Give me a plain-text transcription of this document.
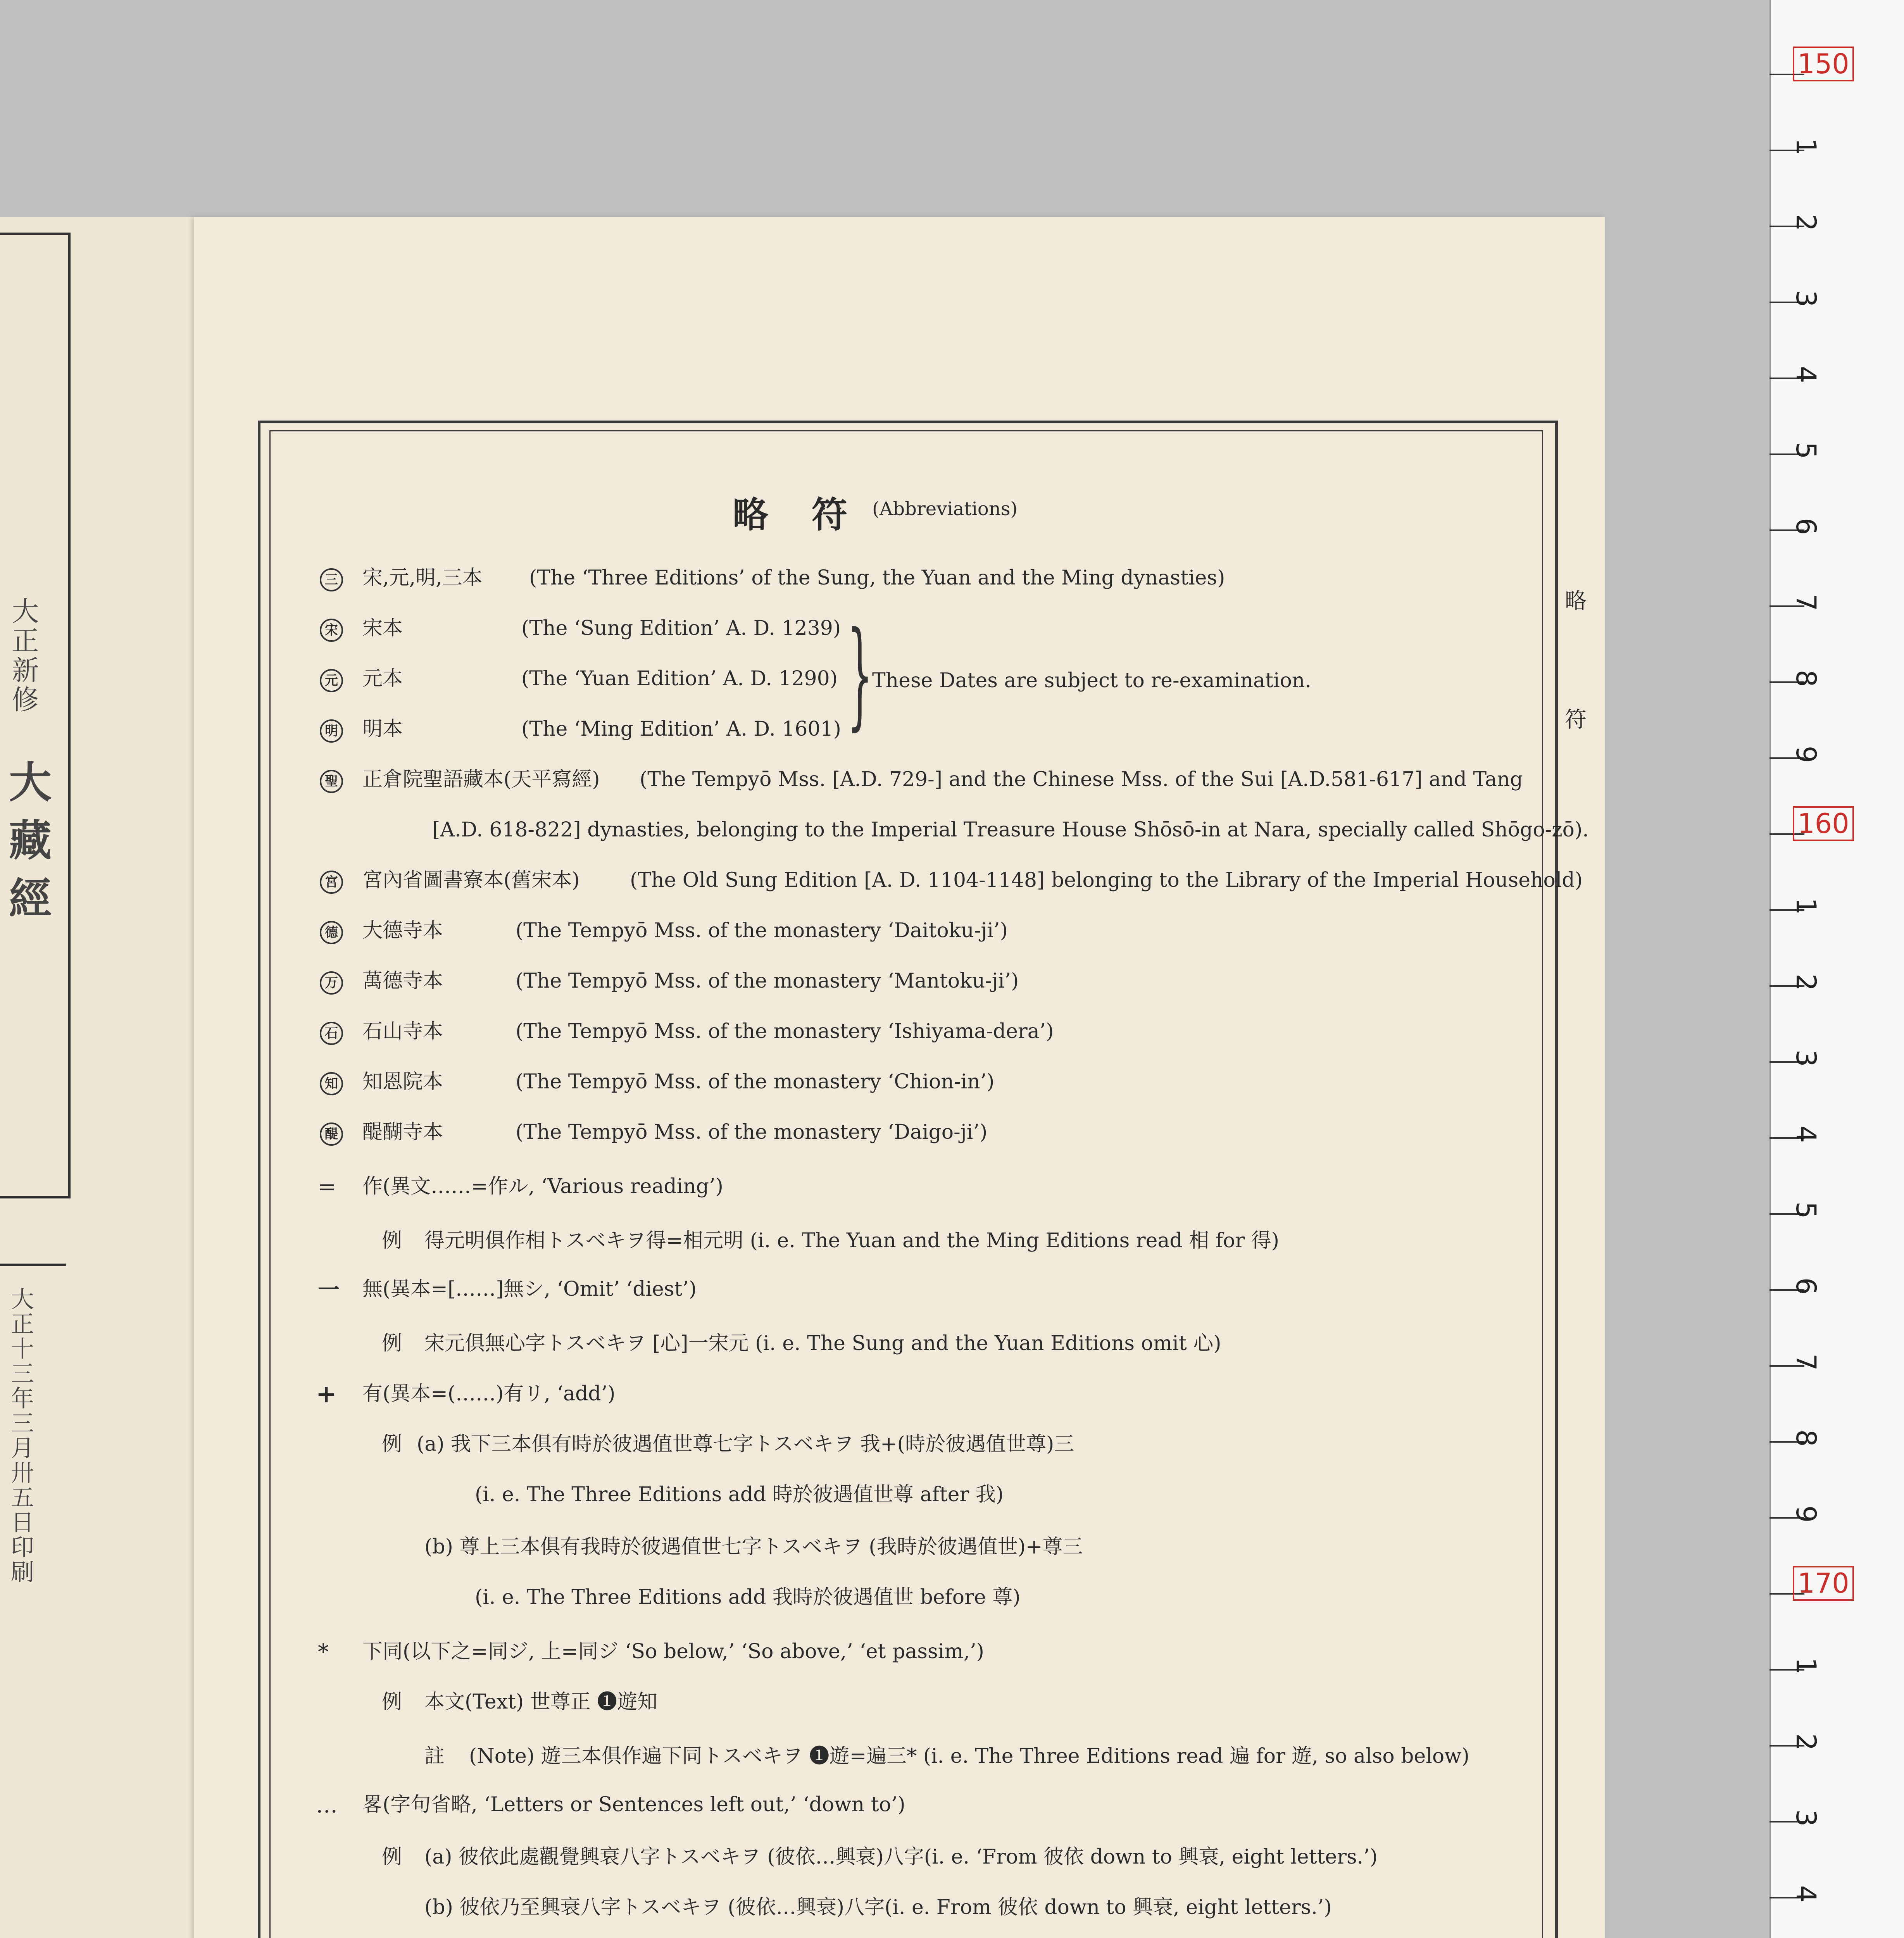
大正新修
大藏經
大正十三年三月卅五日印刷
略 符 (Abbreviations)
略符
三 宋,元,明,三本 (The ‘Three Editions’ of the Sung, the Yuan and the Ming dynasties)
宋 宋本	(The ‘Sung Edition’ A. D. 1239)
元 元本	(The ‘Yuan Edition’ A. D. 1290)
明 明本	(The ‘Ming Edition’ A. D. 1601)
聖 正倉院聖語藏本(天平寫經) (The Tempyō Mss. [A.D. 729-] and the Chinese Mss. of the Sui [A.D.581-617] and Tang
[A.D. 618-822] dynasties, belonging to the Imperial Treasure House Shōsō-in at Nara, specially called Shōgo-zō).
宮 宮內省圖書寮本(舊宋本) (The Old Sung Edition [A. D. 1104-1148] belonging to the Library of the Imperial Household)
德 大德寺本	(The Tempyō Mss. of the monastery ‘Daitoku-ji’)
万 萬德寺本	(The Tempyō Mss. of the monastery ‘Mantoku-ji’)
石 石山寺本	(The Tempyō Mss. of the monastery ‘Ishiyama-dera’)
知 知恩院本	(The Tempyō Mss. of the monastery ‘Chion-in’)
醍 醍醐寺本	(The Tempyō Mss. of the monastery ‘Daigo-ji’)
}
These Dates are subject to re-examination.
= 作(異文……=作ル, ‘Various reading’)
例 得元明俱作相トスベキヲ得=相元明 (i. e. The Yuan and the Ming Editions read 相 for 得)
一 無(異本=[……]無シ, ‘Omit’ ‘diest’)
例 宋元俱無心字トスベキヲ [心]一宋元 (i. e. The Sung and the Yuan Editions omit 心)
+ 有(異本=(……)有リ, ‘add’)
例 (a) 我下三本俱有時於彼遇值世尊七字トスベキヲ 我+(時於彼遇值世尊)三
(i. e. The Three Editions add 時於彼遇值世尊 after 我)
(b) 尊上三本俱有我時於彼遇值世七字トスベキヲ (我時於彼遇值世)+尊三
(i. e. The Three Editions add 我時於彼遇值世 before 尊)
* 下同(以下之=同ジ, 上=同ジ ‘So below,’ ‘So above,’ ‘et passim,’)
例 本文(Text) 世尊正 ❶遊知
註 (Note) 遊三本俱作遍下同トスベキヲ ❶遊=遍三* (i. e. The Three Editions read 遍 for 遊, so also below)
… 畧(字句省略, ‘Letters or Sentences left out,’ ‘down to’)
例 (a) 彼依此處觀覺興衰八字トスベキヲ (彼依…興衰)八字(i. e. ‘From 彼依 down to 興衰, eight letters.’)
(b) 彼依乃至興衰八字トスベキヲ (彼依…興衰)八字(i. e. From 彼依 down to 興衰, eight letters.’)
150
1
2
3
4
5
6
7
8
9
160
1
2
3
4
5
6
7
8
9
170
1
2
3
4
